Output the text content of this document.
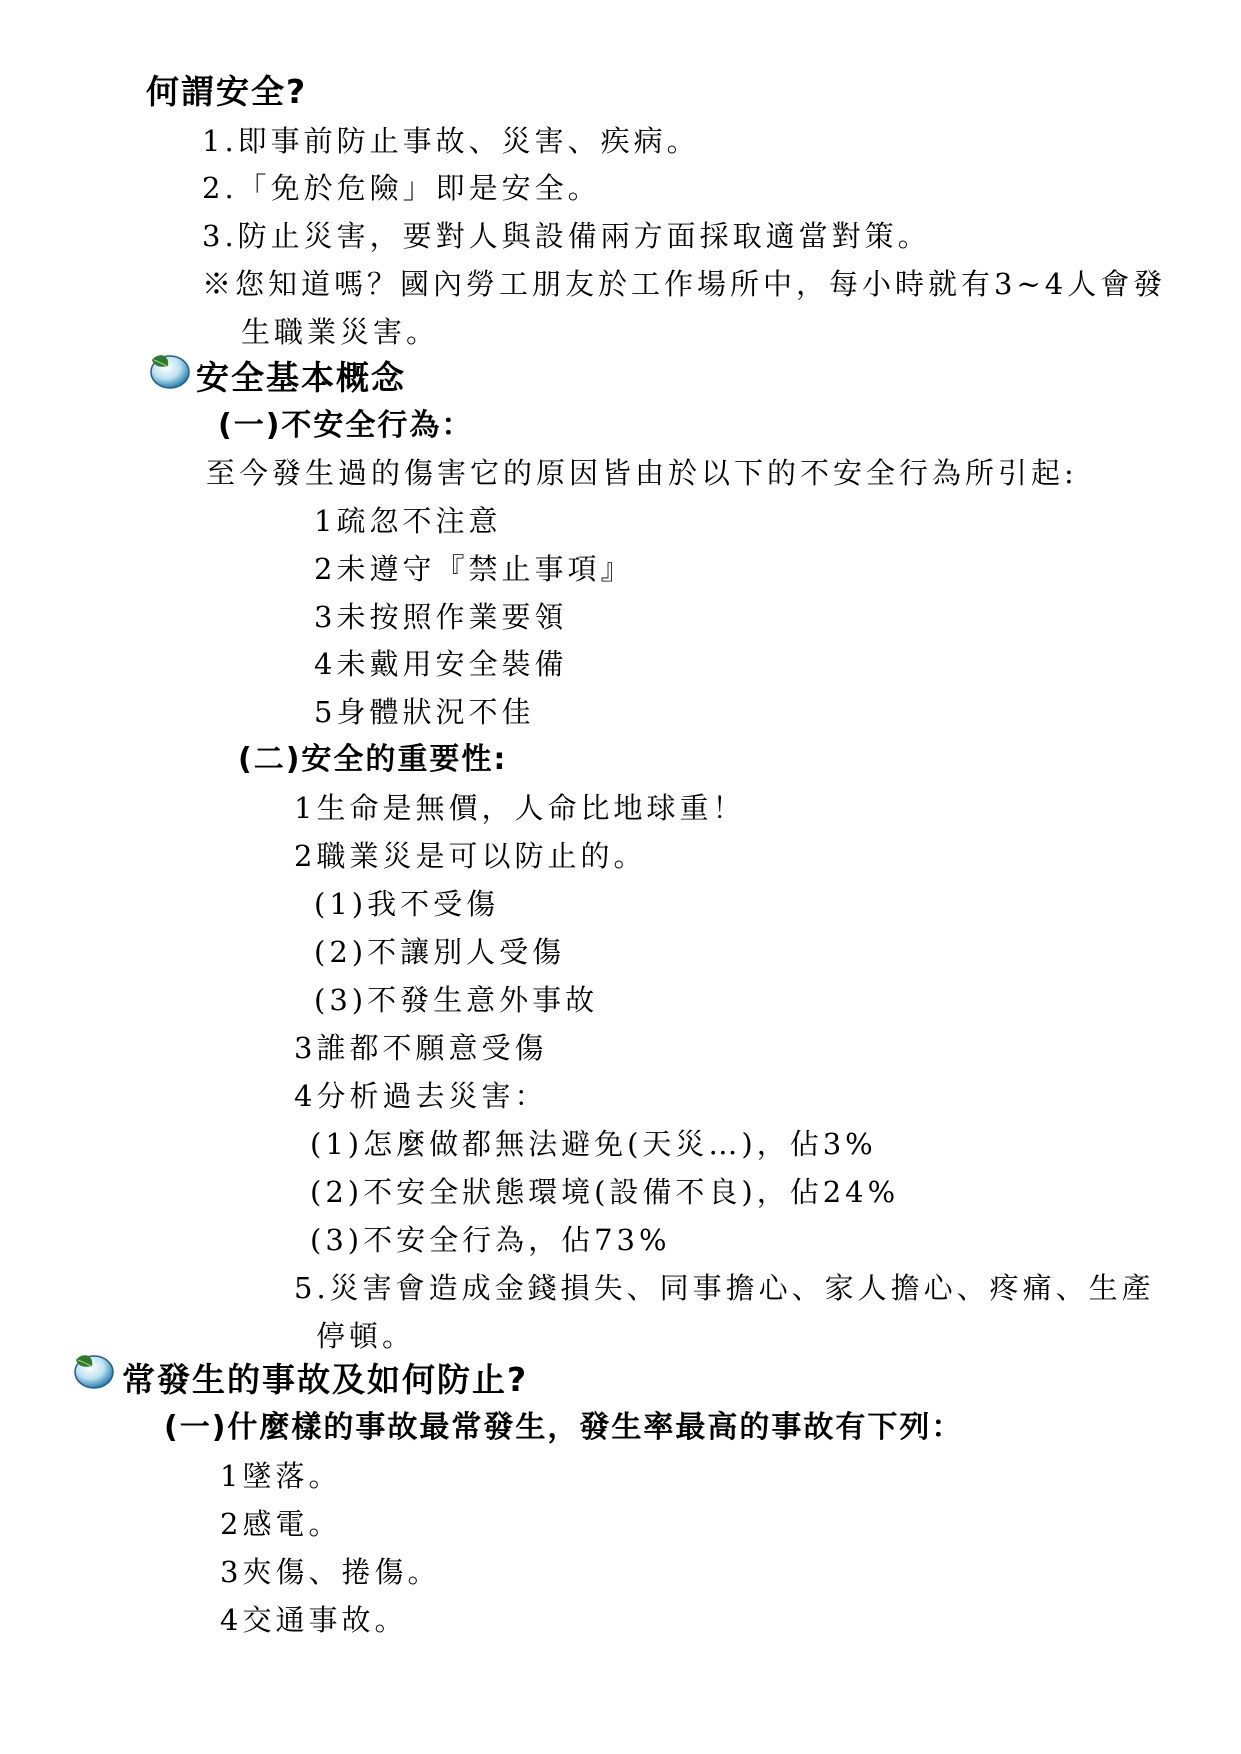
何謂安全?
1.即事前防止事故、災害、疾病。
2.「免於危險」即是安全。
3.防止災害，要對人與設備兩方面採取適當對策。
※您知道嗎？國內勞工朋友於工作場所中，每小時就有3~4人會發
生職業災害。
安全基本概念
(一)不安全行為：
至今發生過的傷害它的原因皆由於以下的不安全行為所引起:
1疏忽不注意
2未遵守『禁止事項』
3未按照作業要領
4未戴用安全裝備
5身體狀況不佳
(二)安全的重要性:
1生命是無價，人命比地球重！
2職業災是可以防止的。
(1)我不受傷
(2)不讓別人受傷
(3)不發生意外事故
3誰都不願意受傷
4分析過去災害：
(1)怎麼做都無法避免(天災…)，佔3%
(2)不安全狀態環境(設備不良)，佔24%
(3)不安全行為，佔73%
5.災害會造成金錢損失、同事擔心、家人擔心、疼痛、生產
停頓。
常發生的事故及如何防止?
(一)什麼樣的事故最常發生，發生率最高的事故有下列：
1墜落。
2感電。
3夾傷、捲傷。
4交通事故。
